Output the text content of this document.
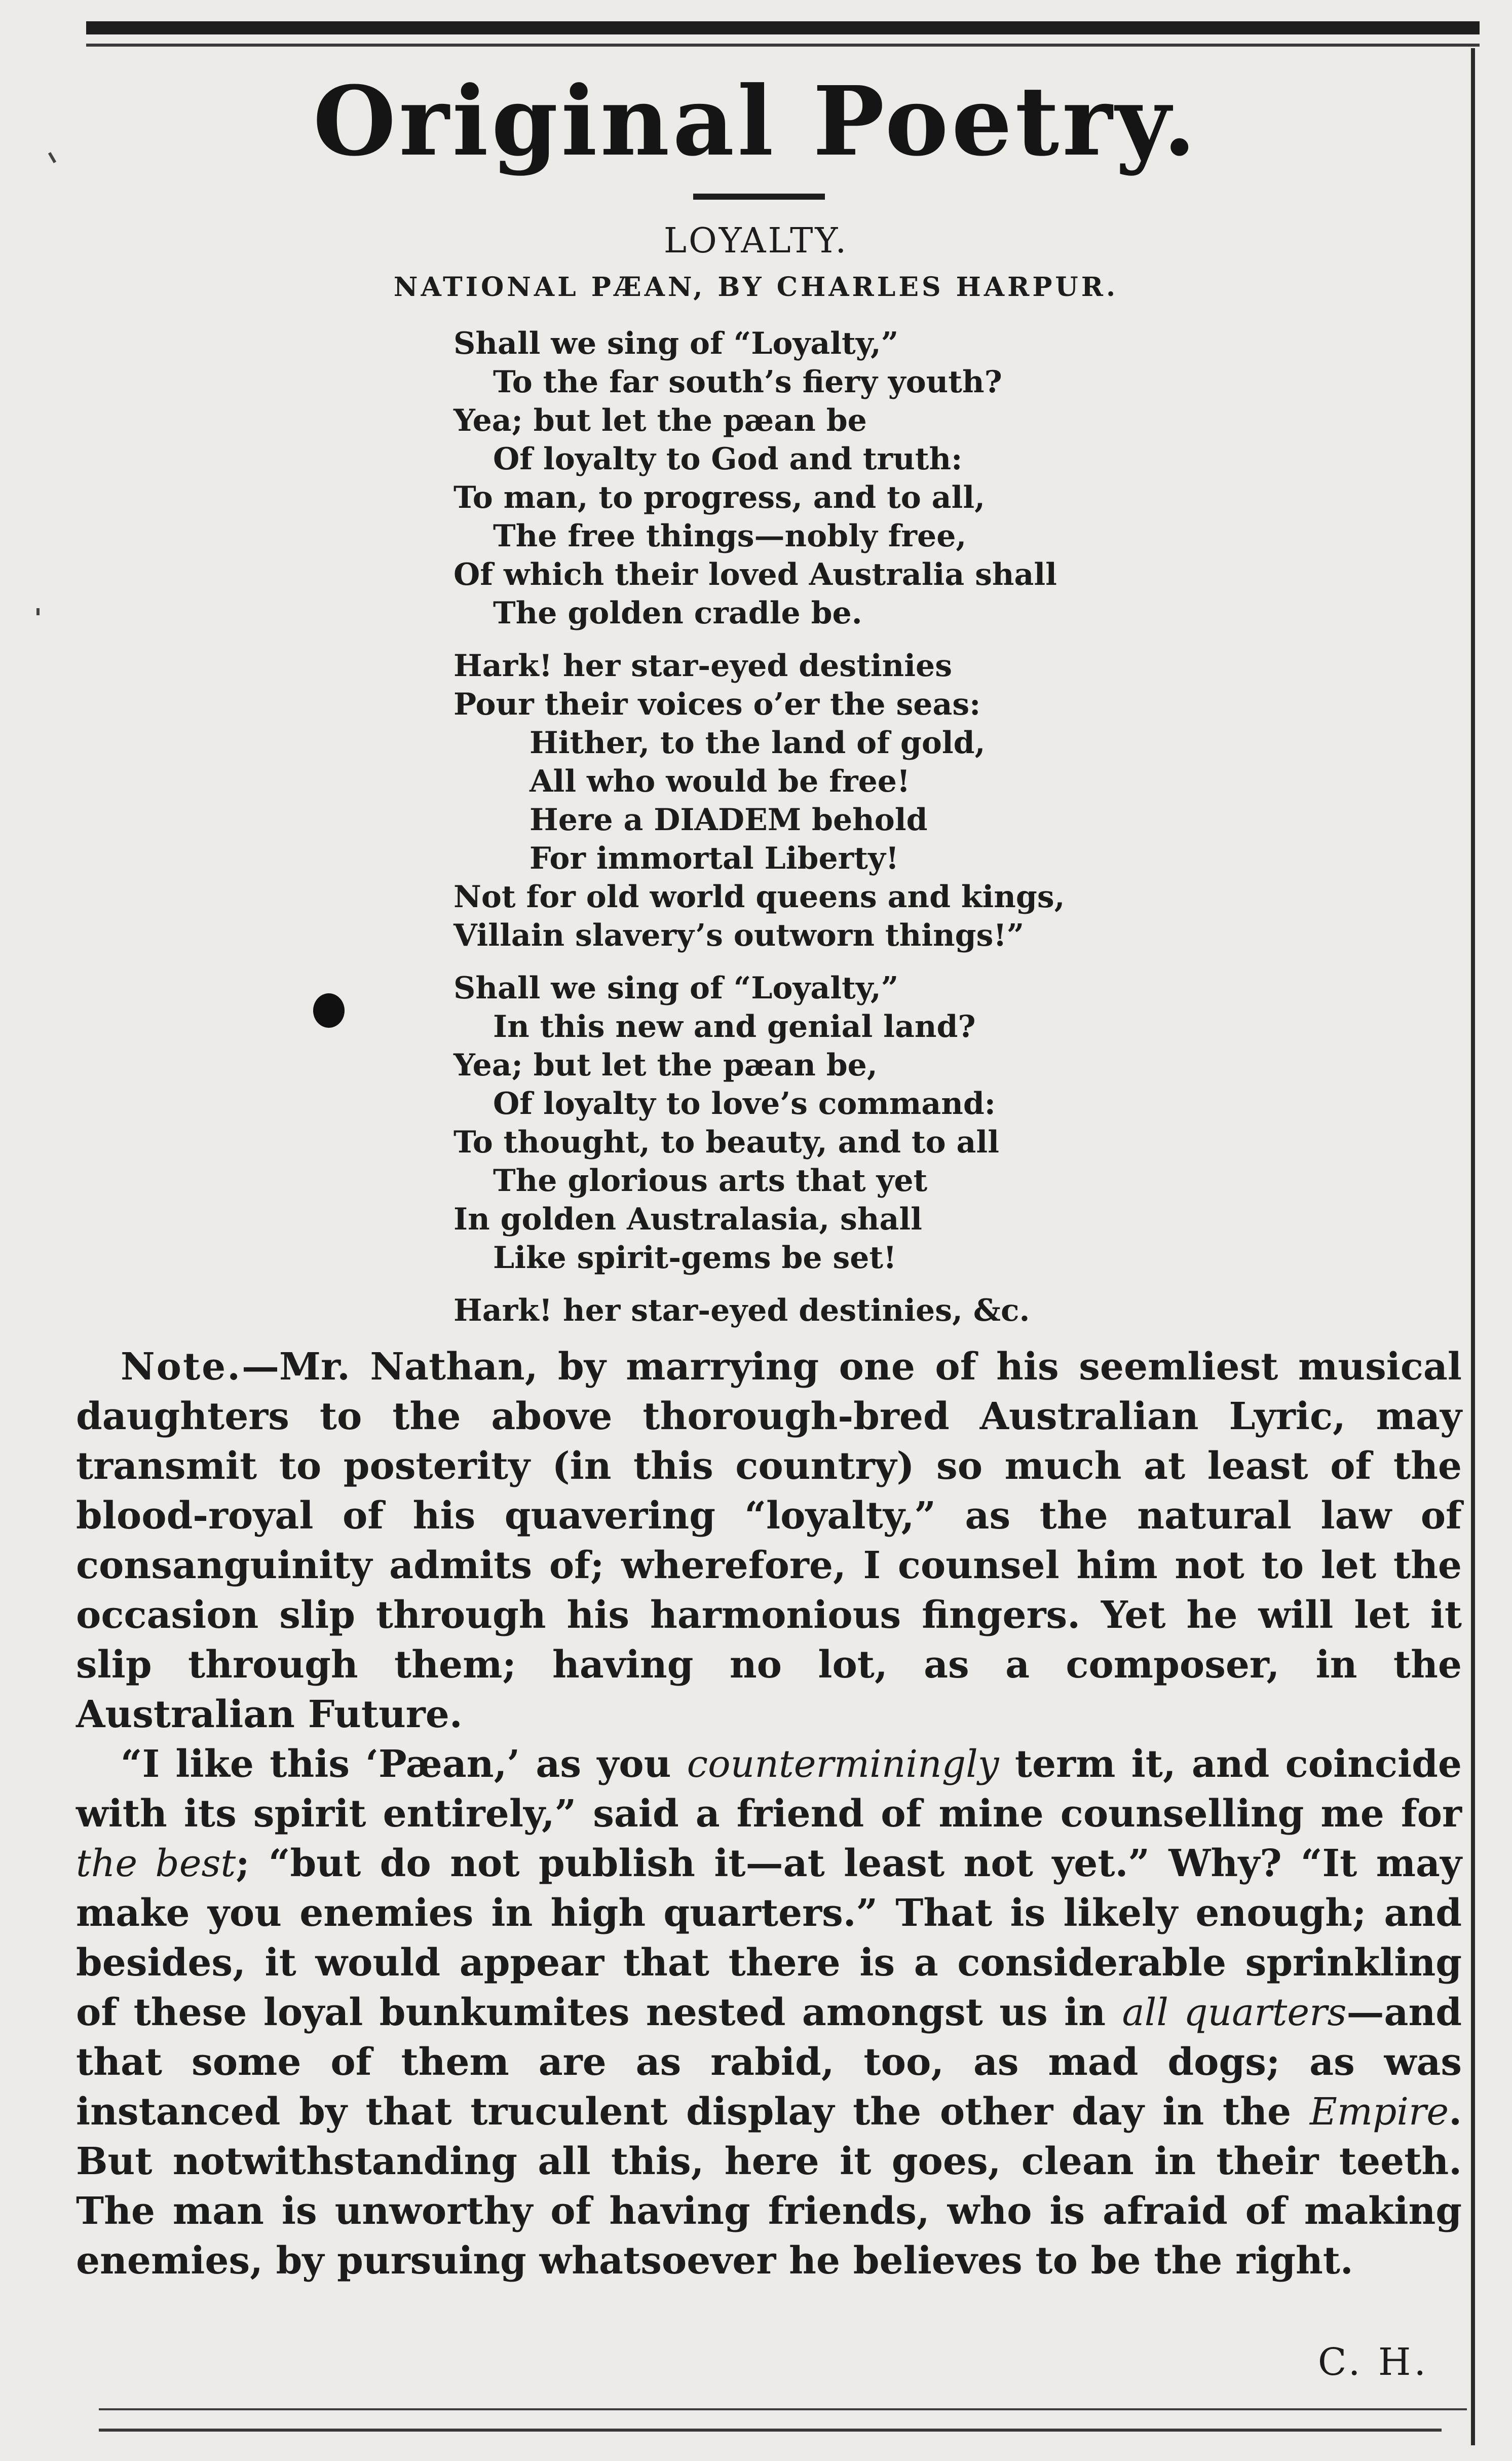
Original Poetry.
LOYALTY.
NATIONAL PÆAN, BY CHARLES HARPUR.
Shall we sing of “Loyalty,”
To the far south’s fiery youth?
Yea; but let the pæan be
Of loyalty to God and truth:
To man, to progress, and to all,
The free things—nobly free,
Of which their loved Australia shall
The golden cradle be.
Hark! her star-eyed destinies
Pour their voices o’er the seas:
Hither, to the land of gold,
All who would be free!
Here a DIADEM behold
For immortal Liberty!
Not for old world queens and kings,
Villain slavery’s outworn things!”
Shall we sing of “Loyalty,”
In this new and genial land?
Yea; but let the pæan be,
Of loyalty to love’s command:
To thought, to beauty, and to all
The glorious arts that yet
In golden Australasia, shall
Like spirit-gems be set!
Hark! her star-eyed destinies, &c.

Note.—Mr. Nathan, by marrying one of his seemliest musical daughters to the above thorough-bred Australian Lyric, may transmit to posterity (in this country) so much at least of the blood-royal of his quavering “loyalty,” as the natural law of consanguinity admits of; wherefore, I counsel him not to let the occasion slip through his harmonious fingers. Yet he will let it slip through them; having no lot, as a composer, in the Australian Future.

“I like this ‘Pæan,’ as you counterminingly term it, and coincide with its spirit entirely,” said a friend of mine counselling me for the best; “but do not publish it—at least not yet.” Why? “It may make you enemies in high quarters.” That is likely enough; and besides, it would appear that there is a considerable sprinkling of these loyal bunkumites nested amongst us in all quarters—and that some of them are as rabid, too, as mad dogs; as was instanced by that truculent display the other day in the Empire. But notwithstanding all this, here it goes, clean in their teeth. The man is unworthy of having friends, who is afraid of making enemies, by pursuing whatsoever he believes to be the right.

C. H.
